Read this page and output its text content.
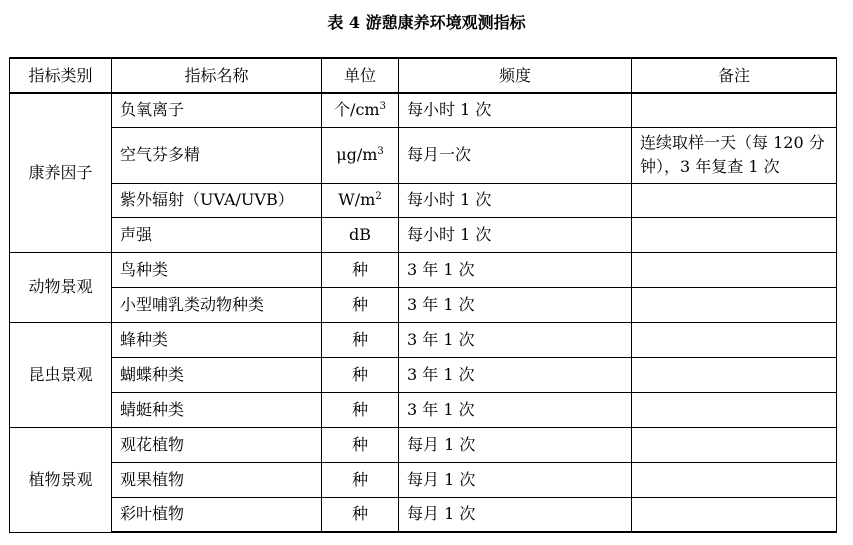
表 4 游憩康养环境观测指标
指标类别	指标名称	单位	频度	备注
康养因子	负氧离子	个$/cm^3$	每小时 1 次	
	空气芬多精	$\mu g/m^3$	每月一次	连续取样一天（每 120 分
钟），3 年复查 1 次

	紫外辐射（UVA/UVB）	$W/m^2$	每小时 1 次	
	声强	dB	每小时 1 次	
动物景观	鸟种类	种	3 年 1 次	
	小型哺乳类动物种类	种	3 年 1 次	
昆虫景观	蜂种类	种	3 年 1 次	
	蝴蝶种类	种	3 年 1 次	
	蜻蜓种类	种	3 年 1 次	
植物景观	观花植物	种	每月 1 次	
	观果植物	种	每月 1 次	
	彩叶植物	种	每月 1 次	
